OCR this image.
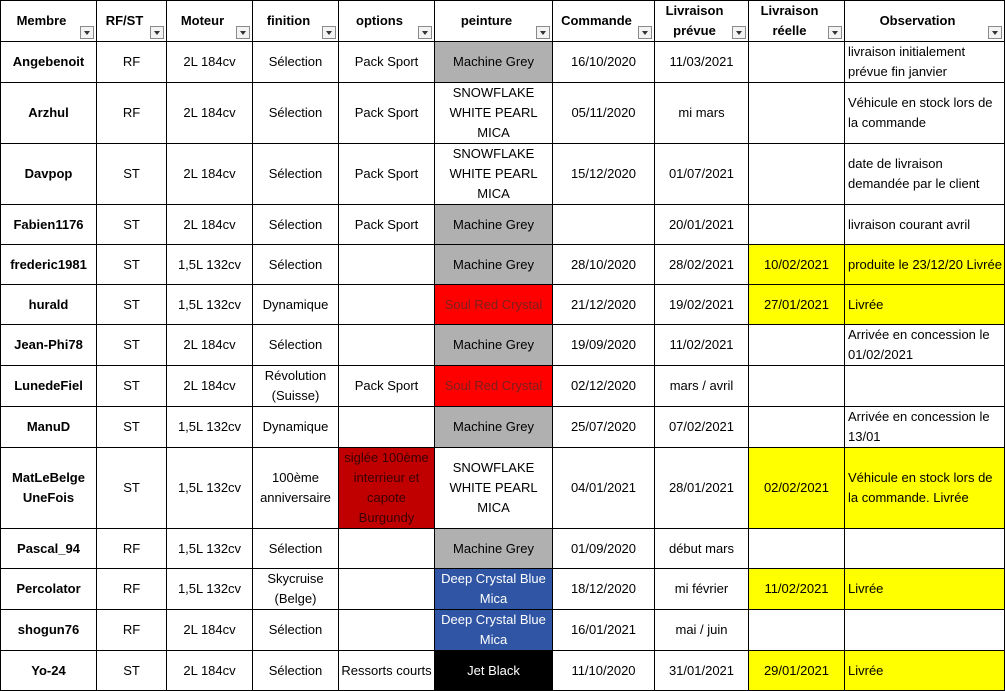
Membre	RF/ST	Moteur	finition	options	peinture	Commande	Livraison prévue	Livraison réelle	Observation

Angebenoit	RF	2L 184cv	Sélection	Pack Sport	Machine Grey	16/10/2020	11/03/2021		livraison initialement prévue fin janvier
Arzhul	RF	2L 184cv	Sélection	Pack Sport	SNOWFLAKE WHITE PEARL MICA	05/11/2020	mi mars		Véhicule en stock lors de la commande
Davpop	ST	2L 184cv	Sélection	Pack Sport	SNOWFLAKE WHITE PEARL MICA	15/12/2020	01/07/2021		date de livraison demandée par le client
Fabien1176	ST	2L 184cv	Sélection	Pack Sport	Machine Grey		20/01/2021		livraison courant avril
frederic1981	ST	1,5L 132cv	Sélection		Machine Grey	28/10/2020	28/02/2021	10/02/2021	produite le 23/12/20 Livrée
hurald	ST	1,5L 132cv	Dynamique		Soul Red Crystal	21/12/2020	19/02/2021	27/01/2021	Livrée
Jean-Phi78	ST	2L 184cv	Sélection		Machine Grey	19/09/2020	11/02/2021		Arrivée en concession le 01/02/2021
LunedeFiel	ST	2L 184cv	Révolution (Suisse)	Pack Sport	Soul Red Crystal	02/12/2020	mars / avril		
ManuD	ST	1,5L 132cv	Dynamique		Machine Grey	25/07/2020	07/02/2021		Arrivée en concession le 13/01
MatLeBelge UneFois	ST	1,5L 132cv	100ème anniversaire	siglée 100ème interrieur et capote Burgundy	SNOWFLAKE WHITE PEARL MICA	04/01/2021	28/01/2021	02/02/2021	Véhicule en stock lors de la commande. Livrée
Pascal_94	RF	1,5L 132cv	Sélection		Machine Grey	01/09/2020	début mars		
Percolator	RF	1,5L 132cv	Skycruise (Belge)		Deep Crystal Blue Mica	18/12/2020	mi février	11/02/2021	Livrée
shogun76	RF	2L 184cv	Sélection		Deep Crystal Blue Mica	16/01/2021	mai / juin		
Yo-24	ST	2L 184cv	Sélection	Ressorts courts	Jet Black	11/10/2020	31/01/2021	29/01/2021	Livrée
